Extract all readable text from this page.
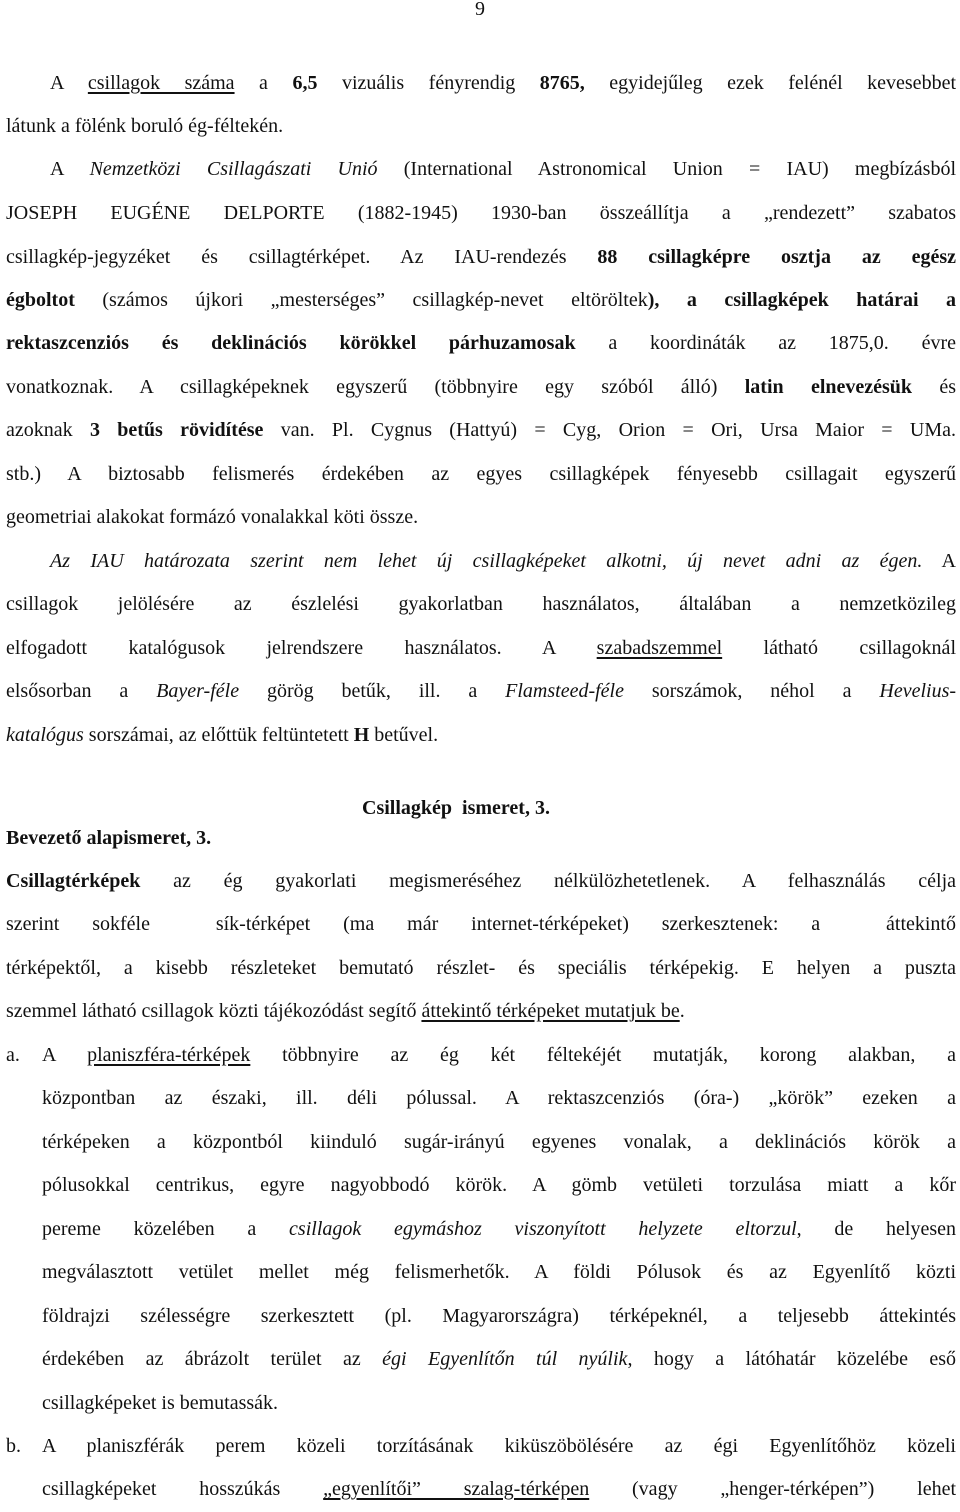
9
A csillagok száma a 6,5 vizuális fényrendig 8765, egyidejűleg ezek felénél kevesebbet
látunk a fölénk boruló ég-féltekén.
A Nemzetközi Csillagászati Unió (International Astronomical Union = IAU) megbízásból
JOSEPH EUGÉNE DELPORTE (1882-1945) 1930-ban összeállítja a „rendezett” szabatos
csillagkép-jegyzéket és csillagtérképet. Az IAU-rendezés 88 csillagképre osztja az egész
égboltot (számos újkori „mesterséges” csillagkép-nevet eltöröltek), a csillagképek határai a
rektaszcenziós és deklinációs körökkel párhuzamosak a koordináták az 1875,0. évre
vonatkoznak. A csillagképeknek egyszerű (többnyire egy szóból álló) latin elnevezésük és
azoknak 3 betűs rövidítése van. Pl. Cygnus (Hattyú) = Cyg, Orion = Ori, Ursa Maior = UMa.
stb.) A biztosabb felismerés érdekében az egyes csillagképek fényesebb csillagait egyszerű
geometriai alakokat formázó vonalakkal köti össze.
Az IAU határozata szerint nem lehet új csillagképeket alkotni, új nevet adni az égen. A
csillagok jelölésére az észlelési gyakorlatban használatos, általában a nemzetközileg
elfogadott katalógusok jelrendszere használatos. A szabadszemmel látható csillagoknál
elsősorban a Bayer-féle görög betűk, ill. a Flamsteed-féle sorszámok, néhol a Hevelius-
katalógus sorszámai, az előttük feltüntetett H betűvel.
Csillagkép  ismeret, 3.
Bevezető alapismeret, 3.
Csillagtérképek az ég gyakorlati megismeréséhez nélkülözhetetlenek. A felhasználás célja
szerint sokféle  sík-térképet (ma már internet-térképeket) szerkesztenek: a  áttekintő
térképektől, a kisebb részleteket bemutató részlet- és speciális térképekig. E helyen a puszta
szemmel látható csillagok közti tájékozódást segítő áttekintő térképeket mutatjuk be.
a. A planiszféra-térképek többnyire az ég két féltekéjét mutatják, korong alakban, a
központban az északi, ill. déli pólussal. A rektaszcenziós (óra-) „körök” ezeken a
térképeken a központból kiinduló sugár-irányú egyenes vonalak, a deklinációs körök a
pólusokkal centrikus, egyre nagyobbodó körök. A gömb vetületi torzulása miatt a kőr
pereme közelében a csillagok egymáshoz viszonyított helyzete eltorzul, de helyesen
megválasztott vetület mellet még felismerhetők. A földi Pólusok és az Egyenlítő közti
földrajzi szélességre szerkesztett (pl. Magyarországra) térképeknél, a teljesebb áttekintés
érdekében az ábrázolt terület az égi Egyenlítőn túl nyúlik, hogy a látóhatár közelébe eső
csillagképeket is bemutassák.
b. A planiszférák perem közeli torzításának kiküszöbölésére az égi Egyenlítőhöz közeli
csillagképeket hosszúkás „egyenlítői” szalag-térképen (vagy „henger-térképen”) lehet
